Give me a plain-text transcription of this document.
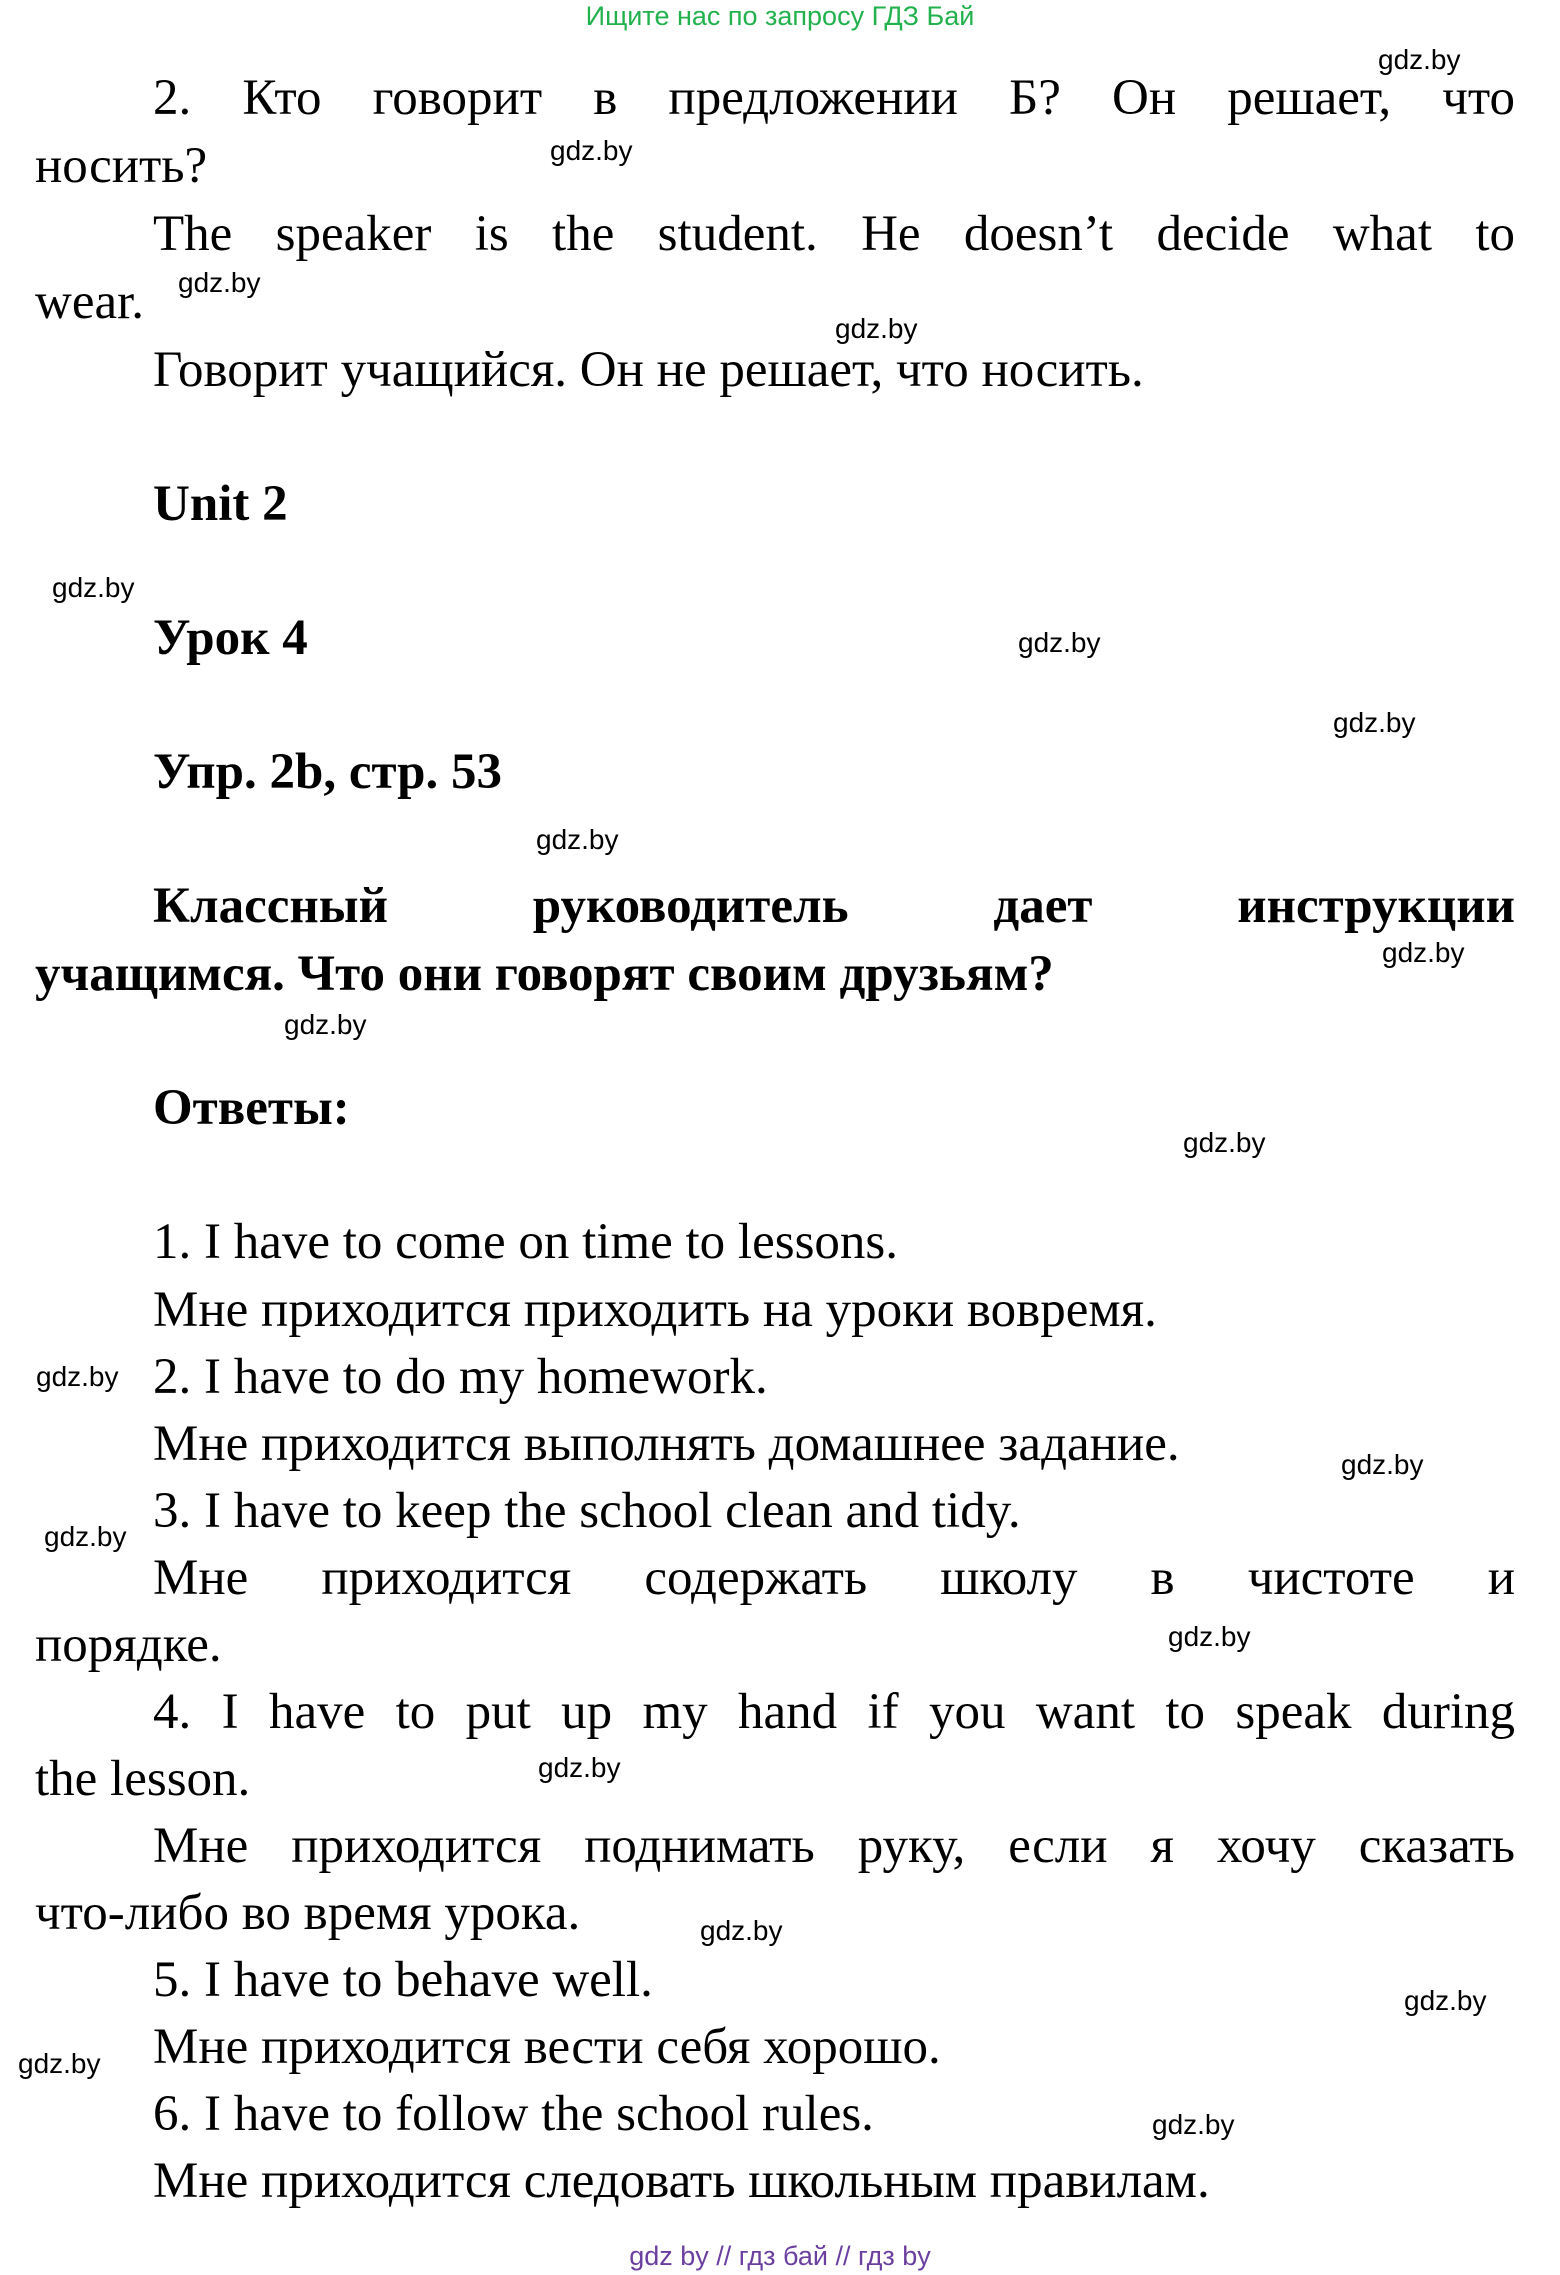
Ищите нас по запросу ГДЗ Бай
2. Кто говорит в предложении Б? Он решает, что
носить?
The speaker is the student. He doesn’t decide what to
wear.
Говорит учащийся. Он не решает, что носить.
Unit 2
Урок 4
Упр. 2b, стр. 53
Классный руководитель дает инструкции
учащимся. Что они говорят своим друзьям?
Ответы:
1. I have to come on time to lessons.
Мне приходится приходить на уроки вовремя.
2. I have to do my homework.
Мне приходится выполнять домашнее задание.
3. I have to keep the school clean and tidy.
Мне приходится содержать школу в чистоте и
порядке.
4. I have to put up my hand if you want to speak during
the lesson.
Мне приходится поднимать руку, если я хочу сказать
что-либо во время урока.
5. I have to behave well.
Мне приходится вести себя хорошо.
6. I have to follow the school rules.
Мне приходится следовать школьным правилам.
gdz.by
gdz.by
gdz.by
gdz.by
gdz.by
gdz.by
gdz.by
gdz.by
gdz.by
gdz.by
gdz.by
gdz.by
gdz.by
gdz.by
gdz.by
gdz.by
gdz.by
gdz.by
gdz.by
gdz.by
gdz by // гдз бай // гдз by
